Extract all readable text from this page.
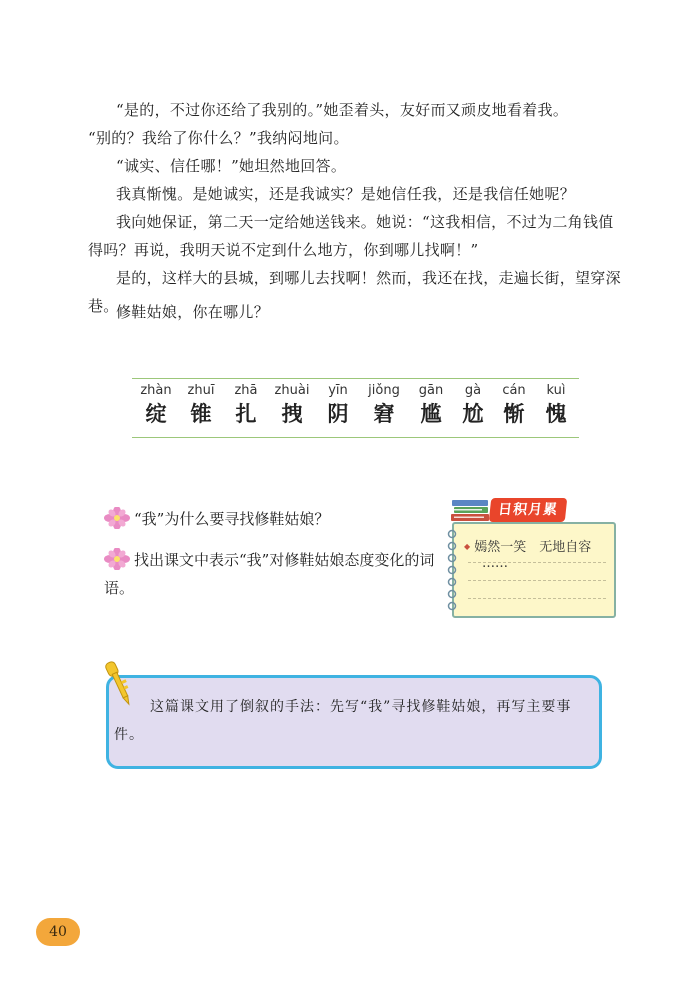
“是的，不过你还给了我别的。”她歪着头，友好而又顽皮地看着我。

“别的？我给了你什么？”我纳闷地问。

“诚实、信任哪！”她坦然地回答。

我真惭愧。是她诚实，还是我诚实？是她信任我，还是我信任她呢？

我向她保证，第二天一定给她送钱来。她说：“这我相信，不过为二角钱值得吗？再说，我明天说不定到什么地方，你到哪儿找啊！”

是的，这样大的县城，到哪儿去找啊！然而，我还在找，走遍长街，望穿深巷。

修鞋姑娘，你在哪儿？

zhàn
绽
zhuī
锥
zhā
扎
zhuài
拽
yīn
阴
jiǒng
窘
gān
尴
gà
尬
cán
惭
kuì
愧

“我”为什么要寻找修鞋姑娘？

找出课文中表示“我”对修鞋姑娘态度变化的词语。

日积月累
◆ 嫣然一笑　无地自容
……

这篇课文用了倒叙的手法：先写“我”寻找修鞋姑娘，再写主要事件。

40
